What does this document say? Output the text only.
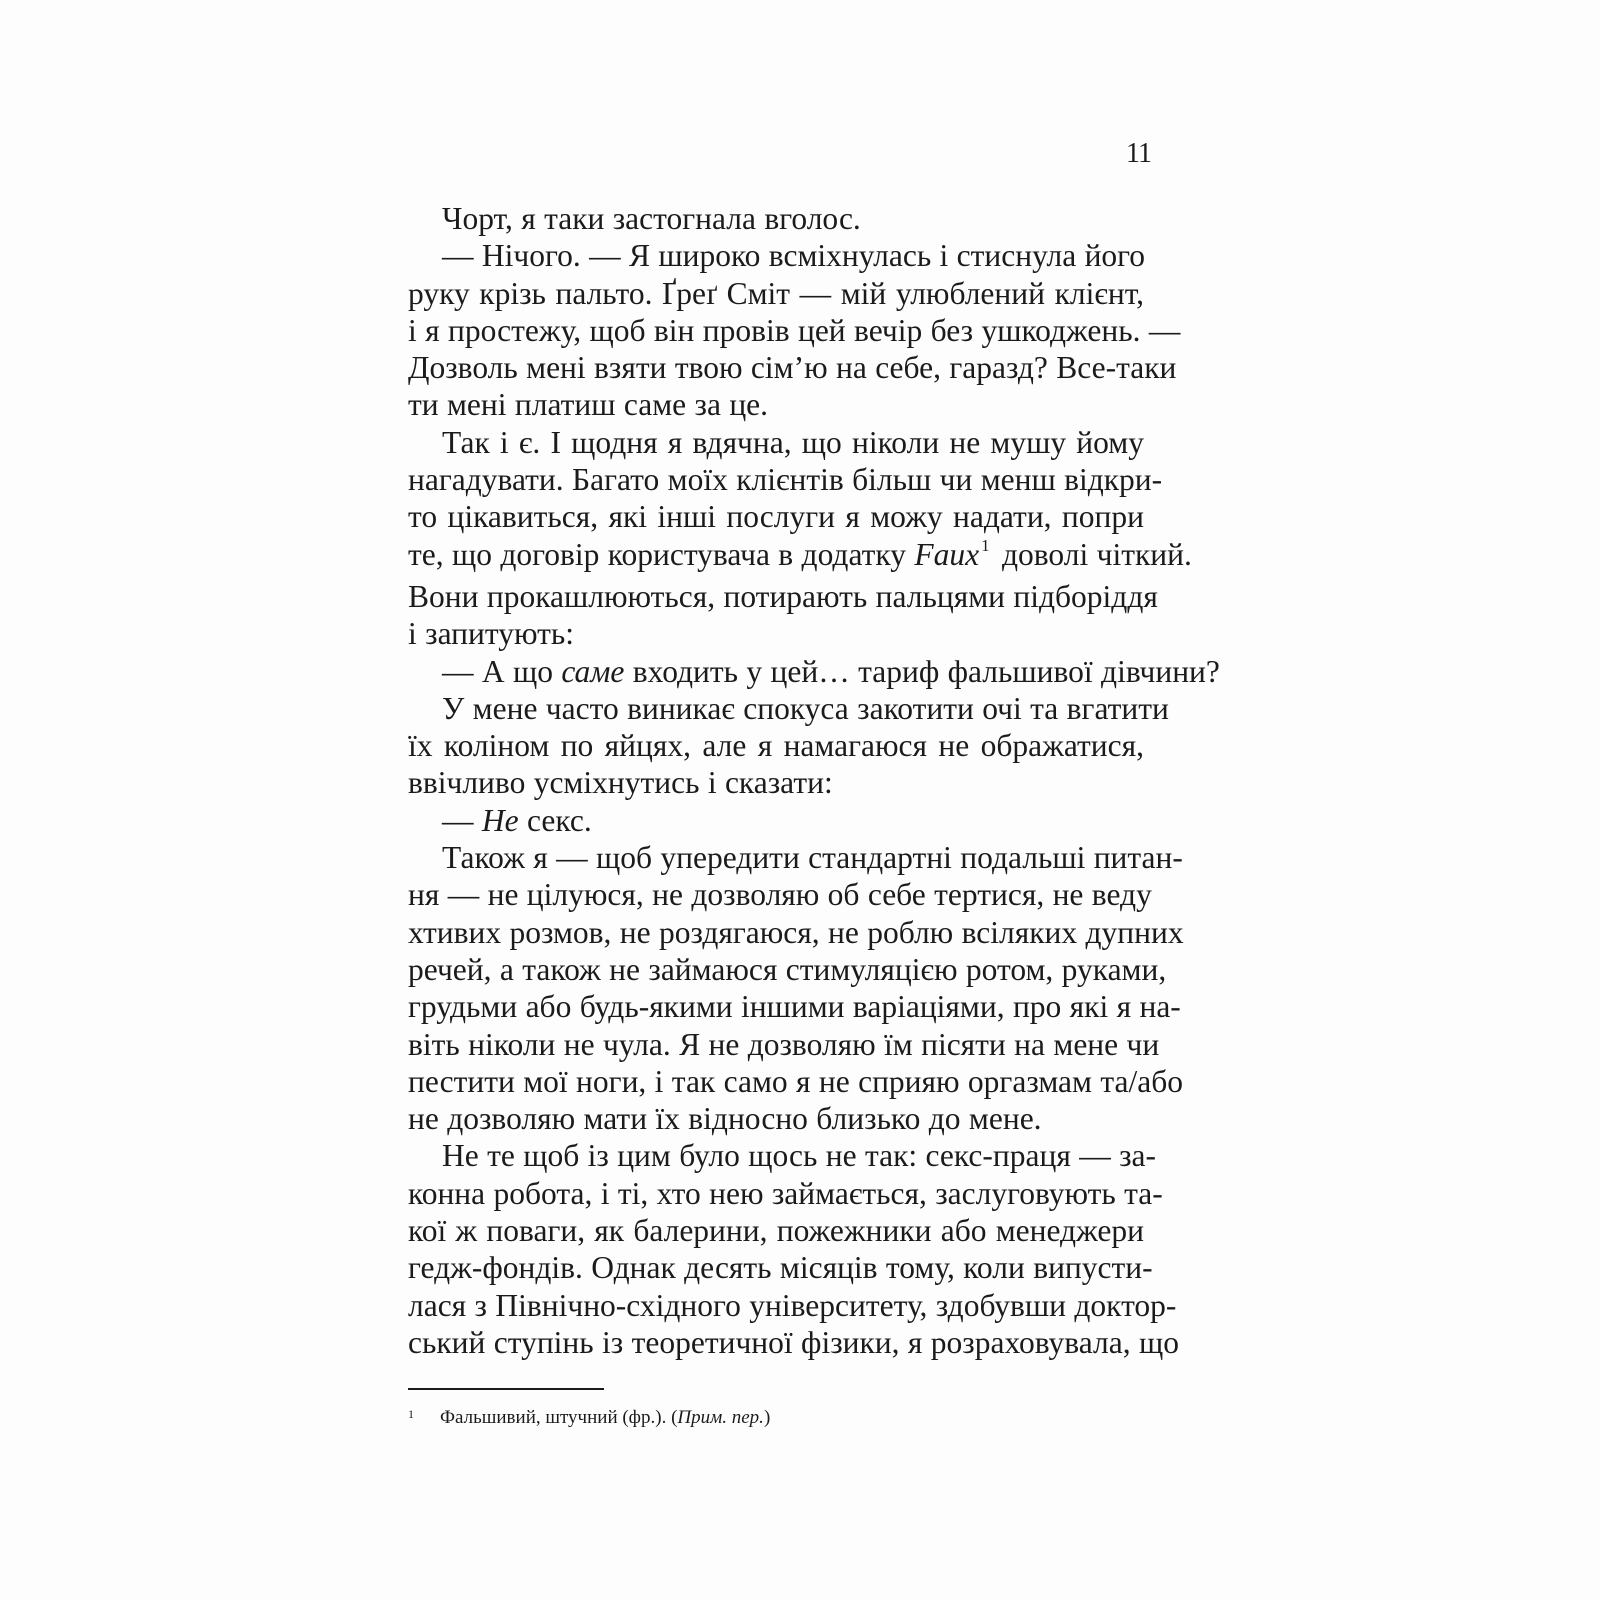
11
Чорт, я таки застогнала вголос.
— Нічого. — Я широко всміхнулась і стиснула його
руку крізь пальто. Ґреґ Сміт — мій улюблений клієнт,
і я простежу, щоб він провів цей вечір без ушкоджень. —
Дозволь мені взяти твою сім’ю на себе, гаразд? Все-таки
ти мені платиш саме за це.
Так і є. І щодня я вдячна, що ніколи не мушу йому
нагадувати. Багато моїх клієнтів більш чи менш відкри-
то цікавиться, які інші послуги я можу надати, попри
те, що договір користувача в додатку Faux $^1$ доволі чіткий.
Вони прокашлюються, потирають пальцями підборіддя
і запитують:
— А що саме входить у цей… тариф фальшивої дівчини?
У мене часто виникає спокуса закотити очі та вгатити
їх коліном по яйцях, але я намагаюся не ображатися,
ввічливо усміхнутись і сказати:
— Не секс.
Також я — щоб упередити стандартні подальші питан-
ня — не цілуюся, не дозволяю об себе тертися, не веду
хтивих розмов, не роздягаюся, не роблю всіляких дупних
речей, а також не займаюся стимуляцією ротом, руками,
грудьми або будь-якими іншими варіаціями, про які я на-
віть ніколи не чула. Я не дозволяю їм пісяти на мене чи
пестити мої ноги, і так само я не сприяю оргазмам та/або
не дозволяю мати їх відносно близько до мене.
Не те щоб із цим було щось не так: секс-праця — за-
конна робота, і ті, хто нею займається, заслуговують та-
кої ж поваги, як балерини, пожежники або менеджери
гедж-фондів. Однак десять місяців тому, коли випусти-
лася з Північно-східного університету, здобувши доктор-
ський ступінь із теоретичної фізики, я розраховувала, що
1 Фальшивий, штучний (фр.). (Прим. пер.)
